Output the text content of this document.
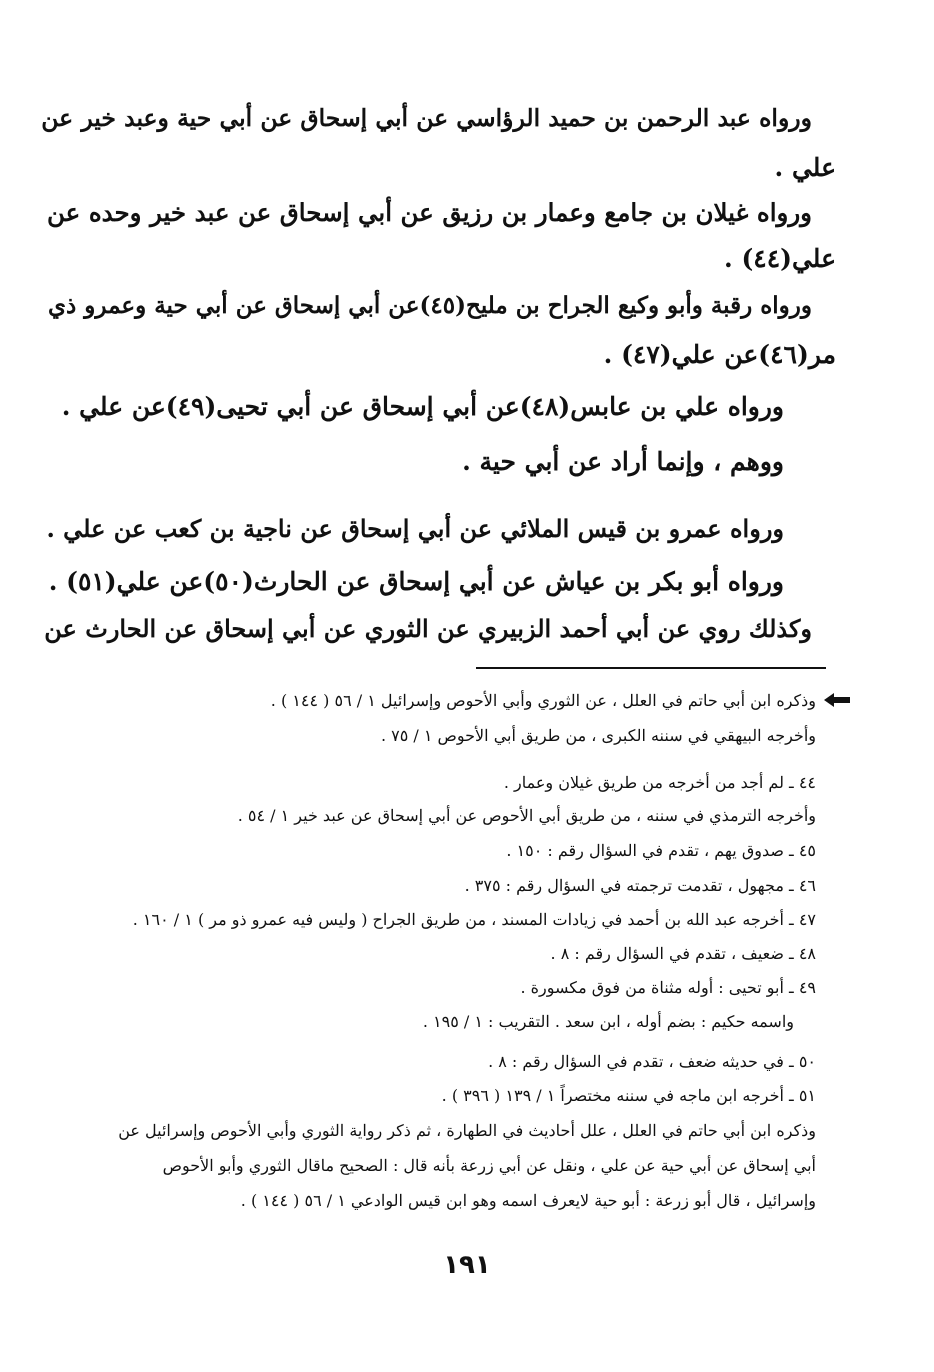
ورواه عبد الرحمن بن حميد الرؤاسي عن أبي إسحاق عن أبي حية وعبد خير عن

علي .

ورواه غيلان بن جامع وعمار بن رزيق عن أبي إسحاق عن عبد خير وحده عن

علي(٤٤) .

ورواه رقبة وأبو وكيع الجراح بن مليح(٤٥)عن أبي إسحاق عن أبي حية وعمرو ذي

مر(٤٦)عن علي(٤٧) .

ورواه علي بن عابس(٤٨)عن أبي إسحاق عن أبي تحيى(٤٩)عن علي .

ووهم ، وإنما أراد عن أبي حية .

ورواه عمرو بن قيس الملائي عن أبي إسحاق عن ناجية بن كعب عن علي .

ورواه أبو بكر بن عياش عن أبي إسحاق عن الحارث(٥٠)عن علي(٥١) .

وكذلك روي عن أبي أحمد الزبيري عن الثوري عن أبي إسحاق عن الحارث عن

وذكره ابن أبي حاتم في العلل ، عن الثوري وأبي الأحوص وإسرائيل ١ / ٥٦ ( ١٤٤ ) .

وأخرجه البيهقي في سننه الكبرى ، من طريق أبي الأحوص ١ / ٧٥ .

٤٤ ـ لم أجد من أخرجه من طريق غيلان وعمار .

وأخرجه الترمذي في سننه ، من طريق أبي الأحوص عن أبي إسحاق عن عبد خير ١ / ٥٤ .

٤٥ ـ صدوق يهم ، تقدم في السؤال رقم : ١٥٠ .

٤٦ ـ مجهول ، تقدمت ترجمته في السؤال رقم : ٣٧٥ .

٤٧ ـ أخرجه عبد الله بن أحمد في زيادات المسند ، من طريق الجراح ( وليس فيه عمرو ذو مر ) ١ / ١٦٠ .

٤٨ ـ ضعيف ، تقدم في السؤال رقم : ٨ .

٤٩ ـ أبو تحيى : أوله مثناة من فوق مكسورة .

واسمه حكيم : بضم أوله ، ابن سعد . التقريب : ١ / ١٩٥ .

٥٠ ـ في حديثه ضعف ، تقدم في السؤال رقم : ٨ .

٥١ ـ أخرجه ابن ماجه في سننه مختصراً ١ / ١٣٩ ( ٣٩٦ ) .

وذكره ابن أبي حاتم في العلل ، علل أحاديث في الطهارة ، ثم ذكر رواية الثوري وأبي الأحوص وإسرائيل عن

أبي إسحاق عن أبي حية عن علي ، ونقل عن أبي زرعة بأنه قال : الصحيح ماقال الثوري وأبو الأحوص

وإسرائيل ، قال أبو زرعة : أبو حية لايعرف اسمه وهو ابن قيس الوادعي ١ / ٥٦ ( ١٤٤ ) .

١٩١
